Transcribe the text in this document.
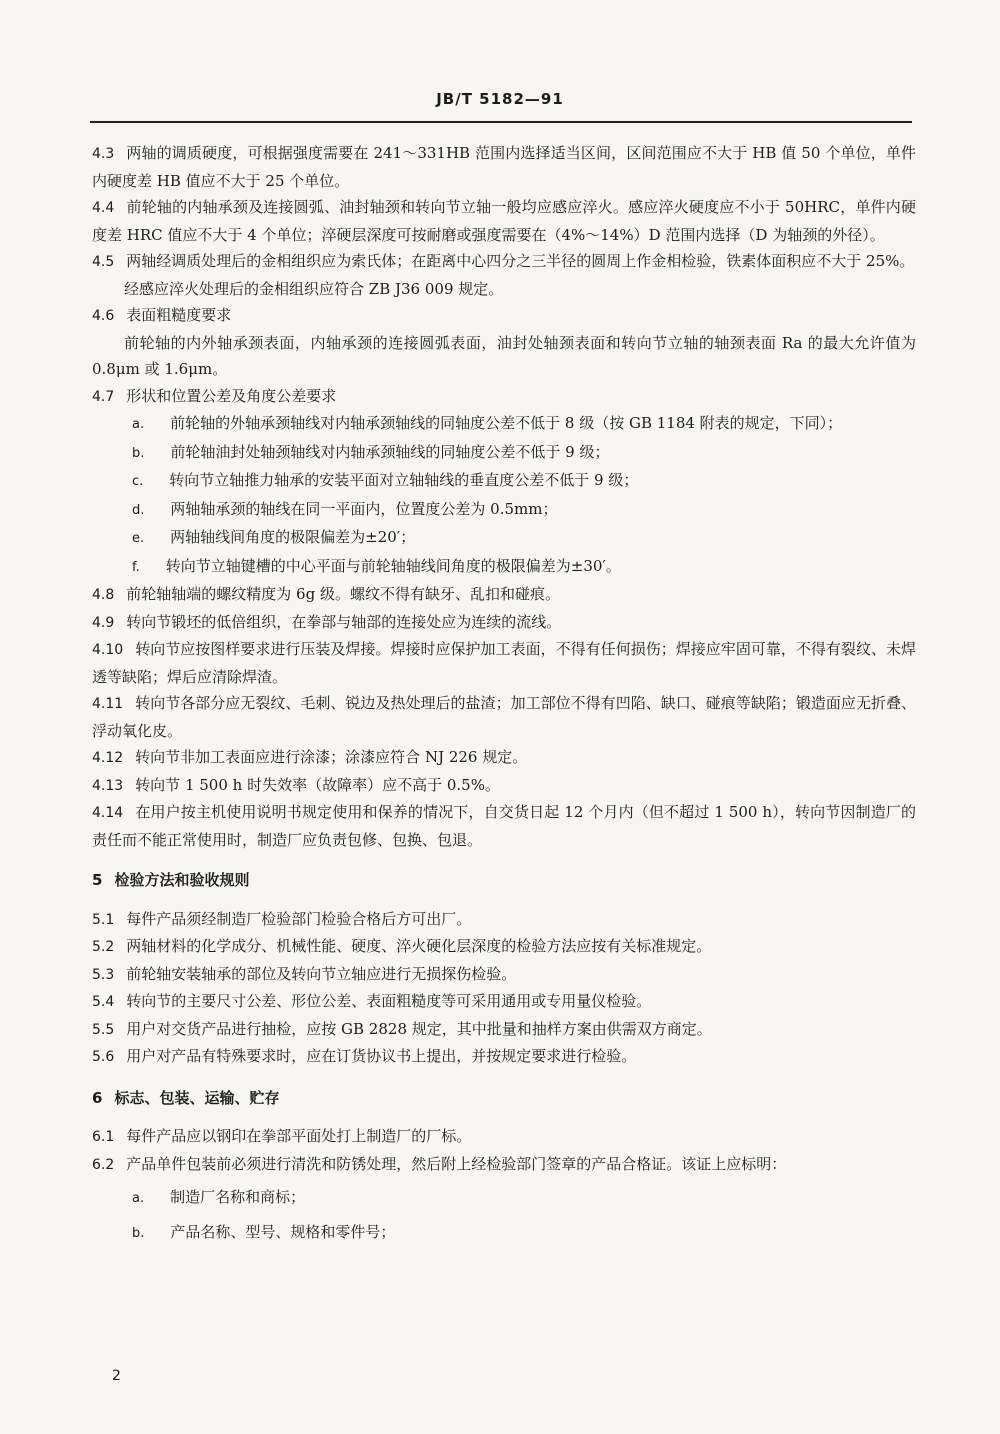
JB/T 5182—91

4.3 两轴的调质硬度，可根据强度需要在 241～331HB 范围内选择适当区间，区间范围应不大于 HB 值 50 个单位，单件内硬度差 HB 值应不大于 25 个单位。

4.4 前轮轴的内轴承颈及连接圆弧、油封轴颈和转向节立轴一般均应感应淬火。感应淬火硬度应不小于 50HRC，单件内硬度差 HRC 值应不大于 4 个单位；淬硬层深度可按耐磨或强度需要在（4%～14%）D 范围内选择（D 为轴颈的外径）。

4.5 两轴经调质处理后的金相组织应为索氏体；在距离中心四分之三半径的圆周上作金相检验，铁素体面积应不大于 25%。

经感应淬火处理后的金相组织应符合 ZB J36 009 规定。

4.6 表面粗糙度要求

前轮轴的内外轴承颈表面，内轴承颈的连接圆弧表面，油封处轴颈表面和转向节立轴的轴颈表面 Ra 的最大允许值为 0.8μm 或 1.6μm。

4.7 形状和位置公差及角度公差要求

a. 前轮轴的外轴承颈轴线对内轴承颈轴线的同轴度公差不低于 8 级（按 GB 1184 附表的规定，下同）；

b. 前轮轴油封处轴颈轴线对内轴承颈轴线的同轴度公差不低于 9 级；

c. 转向节立轴推力轴承的安装平面对立轴轴线的垂直度公差不低于 9 级；

d. 两轴轴承颈的轴线在同一平面内，位置度公差为 0.5mm；

e. 两轴轴线间角度的极限偏差为±20′；

f. 转向节立轴键槽的中心平面与前轮轴轴线间角度的极限偏差为±30′。

4.8 前轮轴轴端的螺纹精度为 6g 级。螺纹不得有缺牙、乱扣和碰痕。

4.9 转向节锻坯的低倍组织，在拳部与轴部的连接处应为连续的流线。

4.10 转向节应按图样要求进行压装及焊接。焊接时应保护加工表面，不得有任何损伤；焊接应牢固可靠，不得有裂纹、未焊透等缺陷；焊后应清除焊渣。

4.11 转向节各部分应无裂纹、毛刺、锐边及热处理后的盐渣；加工部位不得有凹陷、缺口、碰痕等缺陷；锻造面应无折叠、浮动氧化皮。

4.12 转向节非加工表面应进行涂漆；涂漆应符合 NJ 226 规定。

4.13 转向节 1 500 h 时失效率（故障率）应不高于 0.5%。

4.14 在用户按主机使用说明书规定使用和保养的情况下，自交货日起 12 个月内（但不超过 1 500 h），转向节因制造厂的责任而不能正常使用时，制造厂应负责包修、包换、包退。

5 检验方法和验收规则

5.1 每件产品须经制造厂检验部门检验合格后方可出厂。

5.2 两轴材料的化学成分、机械性能、硬度、淬火硬化层深度的检验方法应按有关标准规定。

5.3 前轮轴安装轴承的部位及转向节立轴应进行无损探伤检验。

5.4 转向节的主要尺寸公差、形位公差、表面粗糙度等可采用通用或专用量仪检验。

5.5 用户对交货产品进行抽检，应按 GB 2828 规定，其中批量和抽样方案由供需双方商定。

5.6 用户对产品有特殊要求时，应在订货协议书上提出，并按规定要求进行检验。

6 标志、包装、运输、贮存

6.1 每件产品应以钢印在拳部平面处打上制造厂的厂标。

6.2 产品单件包装前必须进行清洗和防锈处理，然后附上经检验部门签章的产品合格证。该证上应标明：

a. 制造厂名称和商标；

b. 产品名称、型号、规格和零件号；

2
